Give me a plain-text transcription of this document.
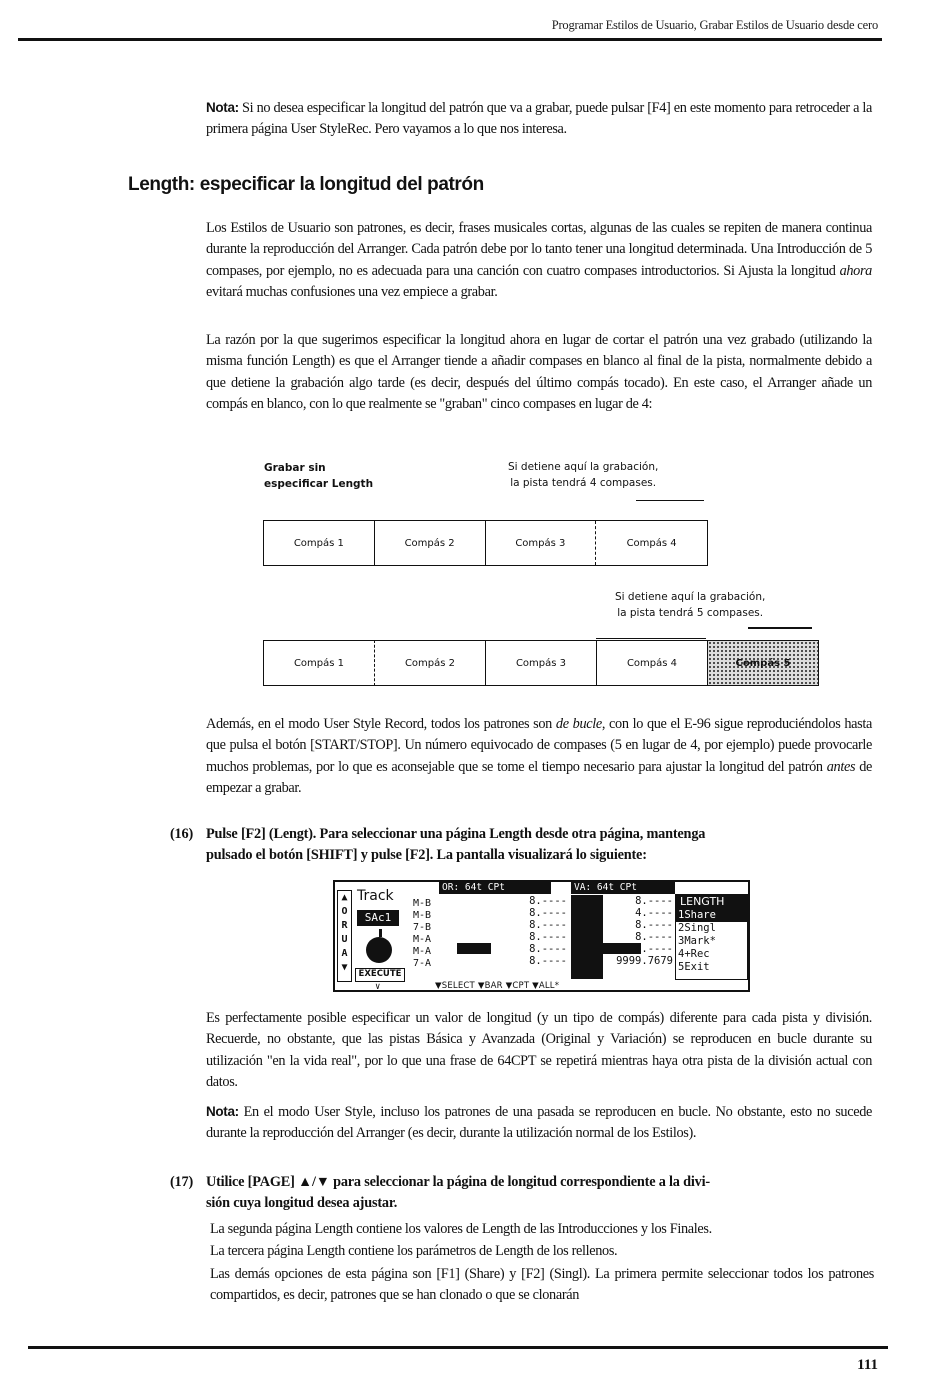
Programar Estilos de Usuario, Grabar Estilos de Usuario desde cero
Nota: Si no desea especificar la longitud del patrón que va a grabar, puede pulsar [F4] en este momento para retroceder a la primera página User StyleRec. Pero vayamos a lo que nos interesa.
Length: especificar la longitud del patrón
Los Estilos de Usuario son patrones, es decir, frases musicales cortas, algunas de las cuales se repiten de manera continua durante la reproducción del Arranger. Cada patrón debe por lo tanto tener una longitud determinada. Una Introducción de 5 compases, por ejemplo, no es adecuada para una canción con cuatro compases introductorios. Si Ajusta la longitud ahora evitará muchas confusiones una vez empiece a grabar.
La razón por la que sugerimos especificar la longitud ahora en lugar de cortar el patrón una vez grabado (utilizando la misma función Length) es que el Arranger tiende a añadir compases en blanco al final de la pista, normalmente debido a que detiene la grabación algo tarde (es decir, después del último compás tocado). En este caso, el Arranger añade un compás en blanco, con lo que realmente se "graban" cinco compases en lugar de 4:
Grabar sin
especificar Length
Si detiene aquí la grabación,
la pista tendrá 4 compases.
Compás 1	Compás 2	Compás 3	Compás 4
Si detiene aquí la grabación,
la pista tendrá 5 compases.
Compás 1	Compás 2	Compás 3	Compás 4	Compás 5
Además, en el modo User Style Record, todos los patrones son de bucle, con lo que el E-96 sigue reproduciéndolos hasta que pulsa el botón [START/STOP]. Un número equivocado de compases (5 en lugar de 4, por ejemplo) puede provocarle muchos problemas, por lo que es aconsejable que se tome el tiempo necesario para ajustar la longitud del patrón antes de empezar a grabar.
(16) Pulse [F2] (Lengt). Para seleccionar una página Length desde otra página, mantenga
pulsado el botón [SHIFT] y pulse [F2]. La pantalla visualizará lo siguiente:
▲
O
R
U
A
▼
Track
SAc1
EXECUTE
∨
M-B
M-B
7-B
M-A
M-A
7-A
OR: 64t CPt	VA: 64t CPt
8.----
8.----
8.----
8.----
8.----
8.----
8.----
4.----
8.----
8.----
4.----
9999.7679
LENGTH
1Share
2Singl
3Mark*
4+Rec
5Exit
▼SELECT ▼BAR ▼CPT ▼ALL*
Es perfectamente posible especificar un valor de longitud (y un tipo de compás) diferente para cada pista y división. Recuerde, no obstante, que las pistas Básica y Avanzada (Original y Variación) se reproducen en bucle durante su utilización "en la vida real", por lo que una frase de 64CPT se repetirá mientras haya otra pista de la división actual con datos.
Nota: En el modo User Style, incluso los patrones de una pasada se reproducen en bucle. No obstante, esto no sucede durante la reproducción del Arranger (es decir, durante la utilización normal de los Estilos).
(17) Utilice [PAGE] ▲/▼ para seleccionar la página de longitud correspondiente a la divi-
sión cuya longitud desea ajustar.
La segunda página Length contiene los valores de Length de las Introducciones y los Finales.
La tercera página Length contiene los parámetros de Length de los rellenos.
Las demás opciones de esta página son [F1] (Share) y [F2] (Singl). La primera permite seleccionar todos los patrones compartidos, es decir, patrones que se han clonado o que se clonarán
111
